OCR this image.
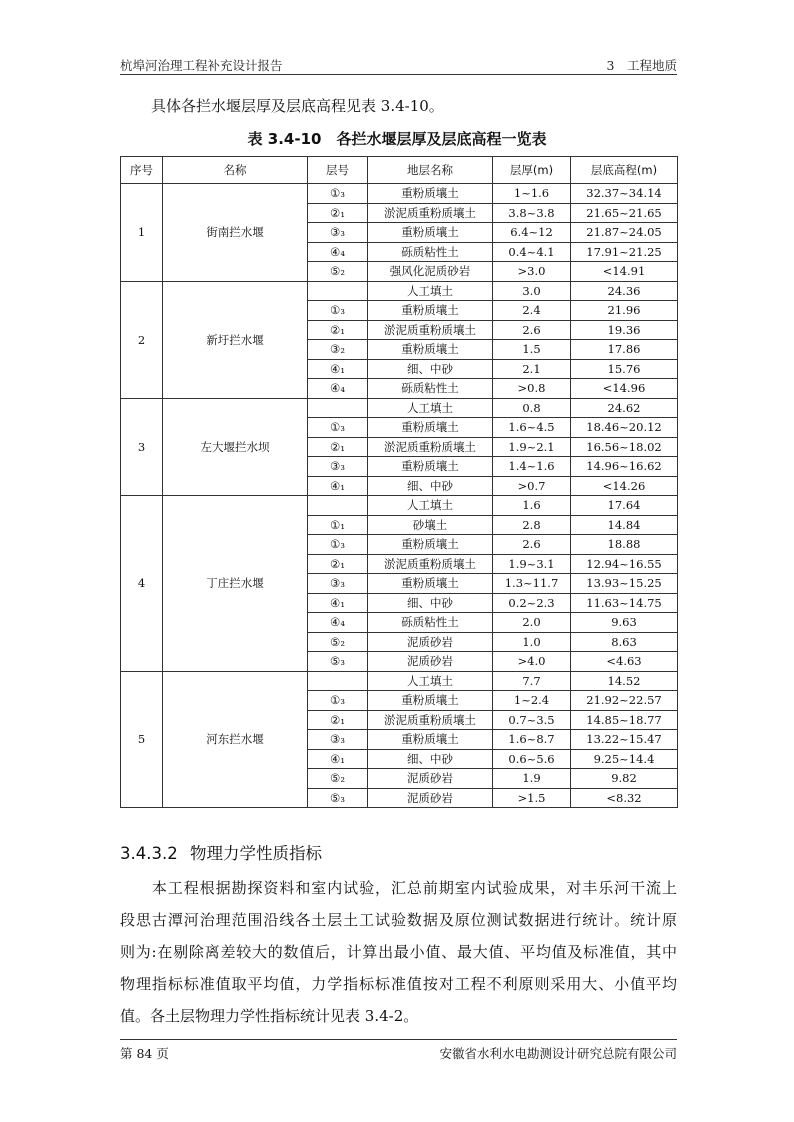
杭埠河治理工程补充设计报告	3　工程地质
具体各拦水堰层厚及层底高程见表 3.4-10。
表 3.4-10　各拦水堰层厚及层底高程一览表
序号	名称	层号	地层名称	层厚(m)	层底高程(m)
1	街南拦水堰	①₃	重粉质壤土	1~1.6	32.37~34.14
		②₁	淤泥质重粉质壤土	3.8~3.8	21.65~21.65
		③₃	重粉质壤土	6.4~12	21.87~24.05
		④₄	砾质粘性土	0.4~4.1	17.91~21.25
		⑤₂	强风化泥质砂岩	>3.0	<14.91
2	新圩拦水堰		人工填土	3.0	24.36
		①₃	重粉质壤土	2.4	21.96
		②₁	淤泥质重粉质壤土	2.6	19.36
		③₂	重粉质壤土	1.5	17.86
		④₁	细、中砂	2.1	15.76
		④₄	砾质粘性土	>0.8	<14.96
3	左大堰拦水坝		人工填土	0.8	24.62
		①₃	重粉质壤土	1.6~4.5	18.46~20.12
		②₁	淤泥质重粉质壤土	1.9~2.1	16.56~18.02
		③₃	重粉质壤土	1.4~1.6	14.96~16.62
		④₁	细、中砂	>0.7	<14.26
4	丁庄拦水堰		人工填土	1.6	17.64
		①₁	砂壤土	2.8	14.84
		①₃	重粉质壤土	2.6	18.88
		②₁	淤泥质重粉质壤土	1.9~3.1	12.94~16.55
		③₃	重粉质壤土	1.3~11.7	13.93~15.25
		④₁	细、中砂	0.2~2.3	11.63~14.75
		④₄	砾质粘性土	2.0	9.63
		⑤₂	泥质砂岩	1.0	8.63
		⑤₃	泥质砂岩	>4.0	<4.63
5	河东拦水堰		人工填土	7.7	14.52
		①₃	重粉质壤土	1~2.4	21.92~22.57
		②₁	淤泥质重粉质壤土	0.7~3.5	14.85~18.77
		③₃	重粉质壤土	1.6~8.7	13.22~15.47
		④₁	细、中砂	0.6~5.6	9.25~14.4
		⑤₂	泥质砂岩	1.9	9.82
		⑤₃	泥质砂岩	>1.5	<8.32
3.4.3.2 物理力学性质指标
　　本工程根据勘探资料和室内试验，汇总前期室内试验成果，对丰乐河干流上
段思古潭河治理范围沿线各土层土工试验数据及原位测试数据进行统计。统计原
则为:在剔除离差较大的数值后，计算出最小值、最大值、平均值及标准值，其中
物理指标标准值取平均值，力学指标标准值按对工程不利原则采用大、小值平均
值。各土层物理力学性指标统计见表 3.4-2。
第 84 页	安徽省水利水电勘测设计研究总院有限公司
